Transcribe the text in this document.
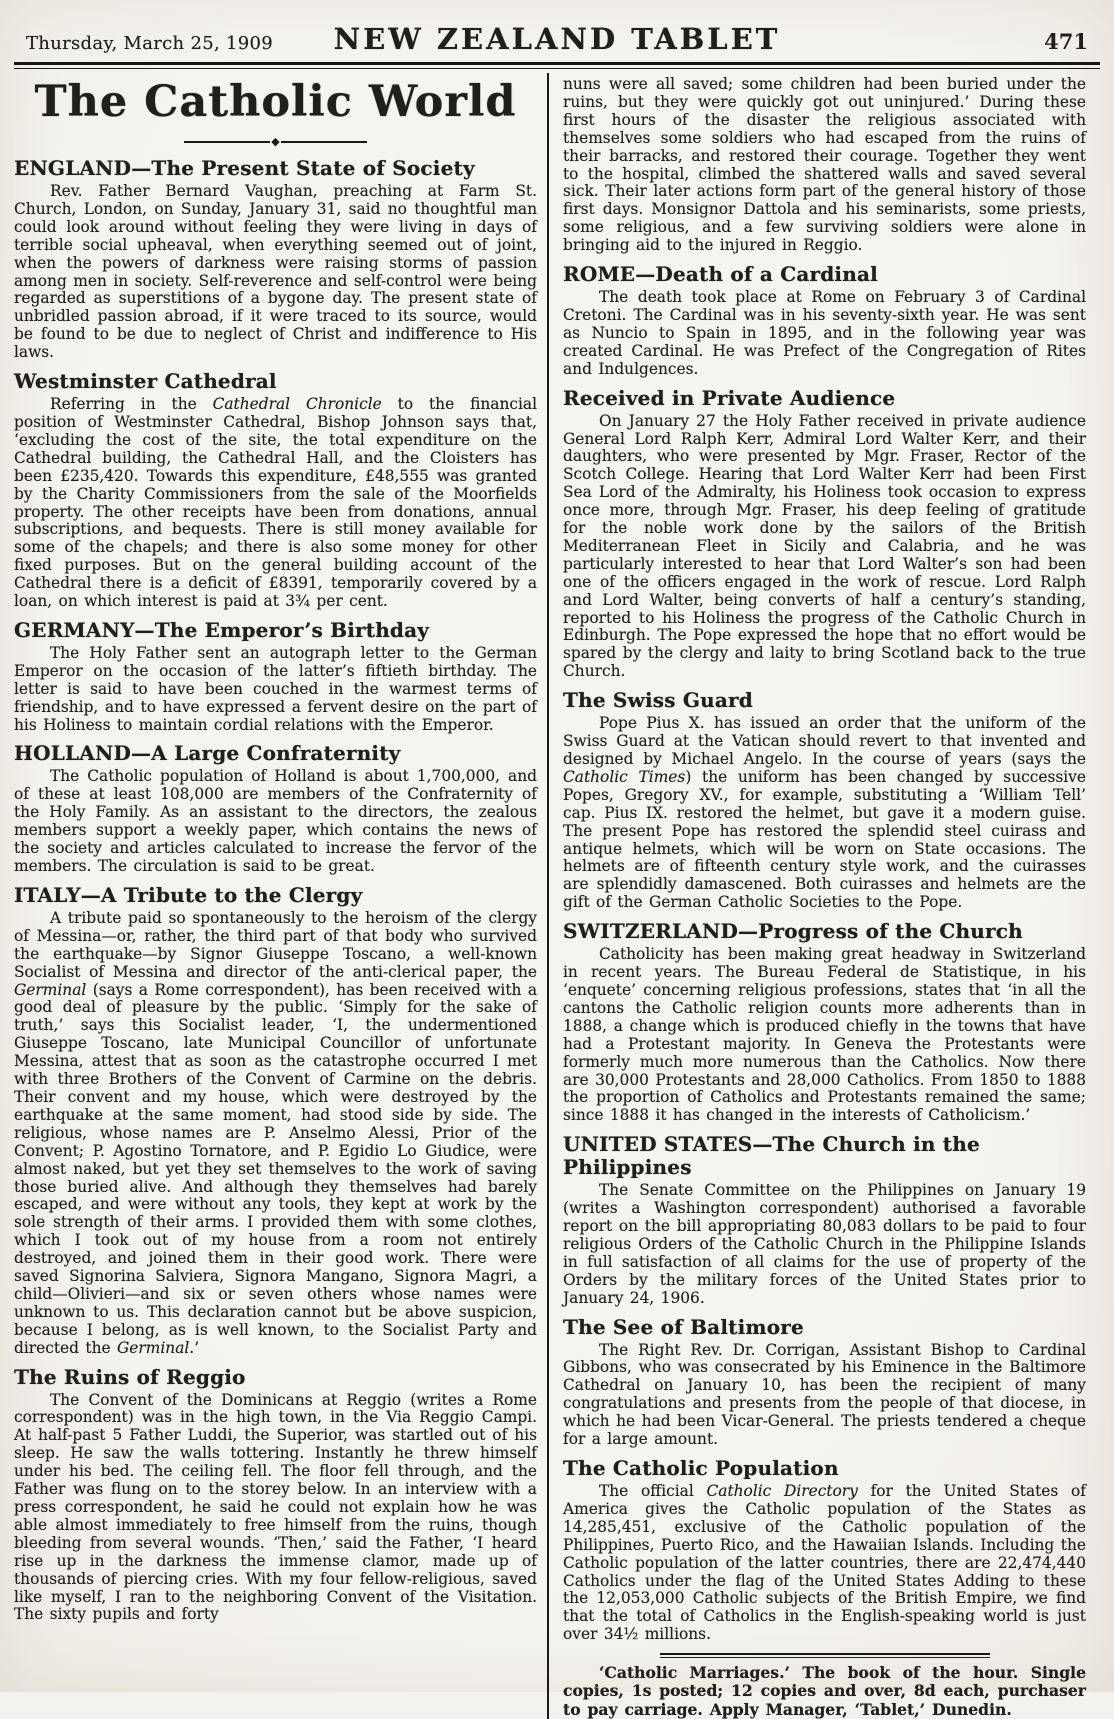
Thursday, March 25, 1909	NEW ZEALAND TABLET	471
The Catholic World
◆
ENGLAND—The Present State of Society

Rev. Father Bernard Vaughan, preaching at Farm St. Church, London, on Sunday, January 31, said no thoughtful man could look around without feeling they were living in days of terrible social upheaval, when everything seemed out of joint, when the powers of darkness were raising storms of passion among men in society. Self-reverence and self-control were being regarded as superstitions of a bygone day. The present state of unbridled passion abroad, if it were traced to its source, would be found to be due to neglect of Christ and indifference to His laws.

Westminster Cathedral

Referring in the Cathedral Chronicle to the financial position of Westminster Cathedral, Bishop Johnson says that, ‘excluding the cost of the site, the total expenditure on the Cathedral building, the Cathedral Hall, and the Cloisters has been £235,420. Towards this expenditure, £48,555 was granted by the Charity Commissioners from the sale of the Moorfields property. The other receipts have been from donations, annual subscriptions, and bequests. There is still money available for some of the chapels; and there is also some money for other fixed purposes. But on the general building account of the Cathedral there is a deficit of £8391, temporarily covered by a loan, on which interest is paid at 3¾ per cent.

GERMANY—The Emperor’s Birthday

The Holy Father sent an autograph letter to the German Emperor on the occasion of the latter’s fiftieth birthday. The letter is said to have been couched in the warmest terms of friendship, and to have expressed a fervent desire on the part of his Holiness to maintain cordial relations with the Emperor.

HOLLAND—A Large Confraternity

The Catholic population of Holland is about 1,700,000, and of these at least 108,000 are members of the Confraternity of the Holy Family. As an assistant to the directors, the zealous members support a weekly paper, which contains the news of the society and articles calculated to increase the fervor of the members. The circulation is said to be great.

ITALY—A Tribute to the Clergy

A tribute paid so spontaneously to the heroism of the clergy of Messina—or, rather, the third part of that body who survived the earthquake—by Signor Giuseppe Toscano, a well-known Socialist of Messina and director of the anti-clerical paper, the Germinal (says a Rome correspondent), has been received with a good deal of pleasure by the public. ‘Simply for the sake of truth,’ says this Socialist leader, ‘I, the undermentioned Giuseppe Toscano, late Municipal Councillor of unfortunate Messina, attest that as soon as the catastrophe occurred I met with three Brothers of the Convent of Carmine on the debris. Their convent and my house, which were destroyed by the earthquake at the same moment, had stood side by side. The religious, whose names are P. Anselmo Alessi, Prior of the Convent; P. Agostino Tornatore, and P. Egidio Lo Giudice, were almost naked, but yet they set themselves to the work of saving those buried alive. And although they themselves had barely escaped, and were without any tools, they kept at work by the sole strength of their arms. I provided them with some clothes, which I took out of my house from a room not entirely destroyed, and joined them in their good work. There were saved Signorina Salviera, Signora Mangano, Signora Magri, a child—Olivieri—and six or seven others whose names were unknown to us. This declaration cannot but be above suspicion, because I belong, as is well known, to the Socialist Party and directed the Germinal.’

The Ruins of Reggio

The Convent of the Dominicans at Reggio (writes a Rome correspondent) was in the high town, in the Via Reggio Campi. At half-past 5 Father Luddi, the Superior, was startled out of his sleep. He saw the walls tottering. Instantly he threw himself under his bed. The ceiling fell. The floor fell through, and the Father was flung on to the storey below. In an interview with a press correspondent, he said he could not explain how he was able almost immediately to free himself from the ruins, though bleeding from several wounds. ‘Then,’ said the Father, ‘I heard rise up in the darkness the immense clamor, made up of thousands of piercing cries. With my four fellow-religious, saved like myself, I ran to the neighboring Convent of the Visitation. The sixty pupils and forty

nuns were all saved; some children had been buried under the ruins, but they were quickly got out uninjured.’ During these first hours of the disaster the religious associated with themselves some soldiers who had escaped from the ruins of their barracks, and restored their courage. Together they went to the hospital, climbed the shattered walls and saved several sick. Their later actions form part of the general history of those first days. Monsignor Dattola and his seminarists, some priests, some religious, and a few surviving soldiers were alone in bringing aid to the injured in Reggio.

ROME—Death of a Cardinal

The death took place at Rome on February 3 of Cardinal Cretoni. The Cardinal was in his seventy-sixth year. He was sent as Nuncio to Spain in 1895, and in the following year was created Cardinal. He was Prefect of the Congregation of Rites and Indulgences.

Received in Private Audience

On January 27 the Holy Father received in private audience General Lord Ralph Kerr, Admiral Lord Walter Kerr, and their daughters, who were presented by Mgr. Fraser, Rector of the Scotch College. Hearing that Lord Walter Kerr had been First Sea Lord of the Admiralty, his Holiness took occasion to express once more, through Mgr. Fraser, his deep feeling of gratitude for the noble work done by the sailors of the British Mediterranean Fleet in Sicily and Calabria, and he was particularly interested to hear that Lord Walter’s son had been one of the officers engaged in the work of rescue. Lord Ralph and Lord Walter, being converts of half a century’s standing, reported to his Holiness the progress of the Catholic Church in Edinburgh. The Pope expressed the hope that no effort would be spared by the clergy and laity to bring Scotland back to the true Church.

The Swiss Guard

Pope Pius X. has issued an order that the uniform of the Swiss Guard at the Vatican should revert to that invented and designed by Michael Angelo. In the course of years (says the Catholic Times) the uniform has been changed by successive Popes, Gregory XV., for example, substituting a ‘William Tell’ cap. Pius IX. restored the helmet, but gave it a modern guise. The present Pope has restored the splendid steel cuirass and antique helmets, which will be worn on State occasions. The helmets are of fifteenth century style work, and the cuirasses are splendidly damascened. Both cuirasses and helmets are the gift of the German Catholic Societies to the Pope.

SWITZERLAND—Progress of the Church

Catholicity has been making great headway in Switzerland in recent years. The Bureau Federal de Statistique, in his ‘enquete’ concerning religious professions, states that ‘in all the cantons the Catholic religion counts more adherents than in 1888, a change which is produced chiefly in the towns that have had a Protestant majority. In Geneva the Protestants were formerly much more numerous than the Catholics. Now there are 30,000 Protestants and 28,000 Catholics. From 1850 to 1888 the proportion of Catholics and Protestants remained the same; since 1888 it has changed in the interests of Catholicism.’

UNITED STATES—The Church in the Philippines

The Senate Committee on the Philippines on January 19 (writes a Washington correspondent) authorised a favorable report on the bill appropriating 80,083 dollars to be paid to four religious Orders of the Catholic Church in the Philippine Islands in full satisfaction of all claims for the use of property of the Orders by the military forces of the United States prior to January 24, 1906.

The See of Baltimore

The Right Rev. Dr. Corrigan, Assistant Bishop to Cardinal Gibbons, who was consecrated by his Eminence in the Baltimore Cathedral on January 10, has been the recipient of many congratulations and presents from the people of that diocese, in which he had been Vicar-General. The priests tendered a cheque for a large amount.

The Catholic Population

The official Catholic Directory for the United States of America gives the Catholic population of the States as 14,285,451, exclusive of the Catholic population of the Philippines, Puerto Rico, and the Hawaiian Islands. Including the Catholic population of the latter countries, there are 22,474,440 Catholics under the flag of the United States Adding to these the 12,053,000 Catholic subjects of the British Empire, we find that the total of Catholics in the English-speaking world is just over 34½ millions.

‘Catholic Marriages.’ The book of the hour. Single copies, 1s posted; 12 copies and over, 8d each, purchaser to pay carriage. Apply Manager, ‘Tablet,’ Dunedin.
